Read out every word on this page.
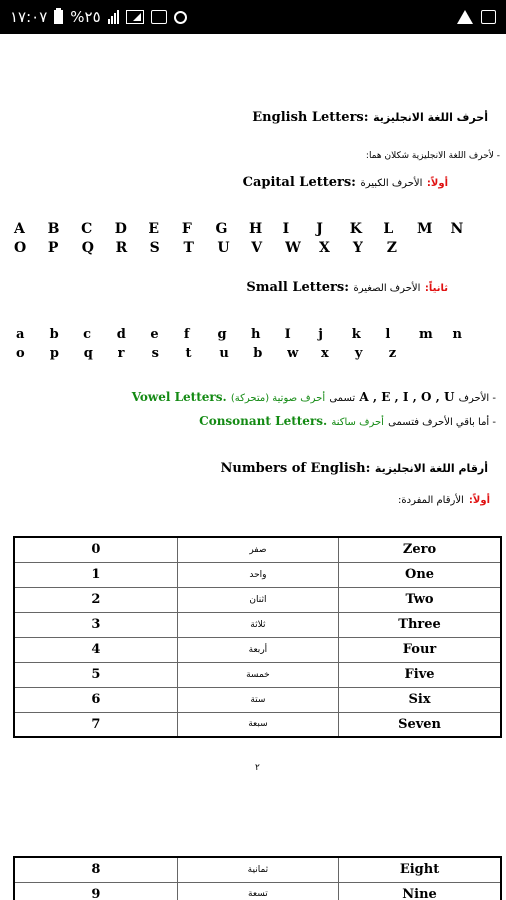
١٧:٠٧ %٢٥
أحرف اللغة الانجليزية English Letters:
- لأحرف اللغة الانجليزية شكلان هما:
أولاً: الأحرف الكبيرة Capital Letters:
A	B	C	D	E	F	G	H	I	J	K	L	M	N
O	P	Q	R	S	T	U	V	W	X	Y	Z
ثانياً: الأحرف الصغيرة Small Letters:
a	b	c	d	e	f	g	h	I	j	k	l	m	n
o	p	q	r	s	t	u	b	w	x	y	z
- الأحرف A , E , I , O , U تسمى أحرف صوتية (متحركة) Vowel Letters.
- أما باقي الأحرف فتسمى أحرف ساكنة Consonant Letters.
أرقام اللغة الانجليزية Numbers of English:
أولاً: الأرقام المفردة:
0	صفر	Zero
1	واحد	One
2	اثنان	Two
3	ثلاثة	Three
4	أربعة	Four
5	خمسة	Five
6	ستة	Six
7	سبعة	Seven
٢
8	ثمانية	Eight
9	تسعة	Nine
